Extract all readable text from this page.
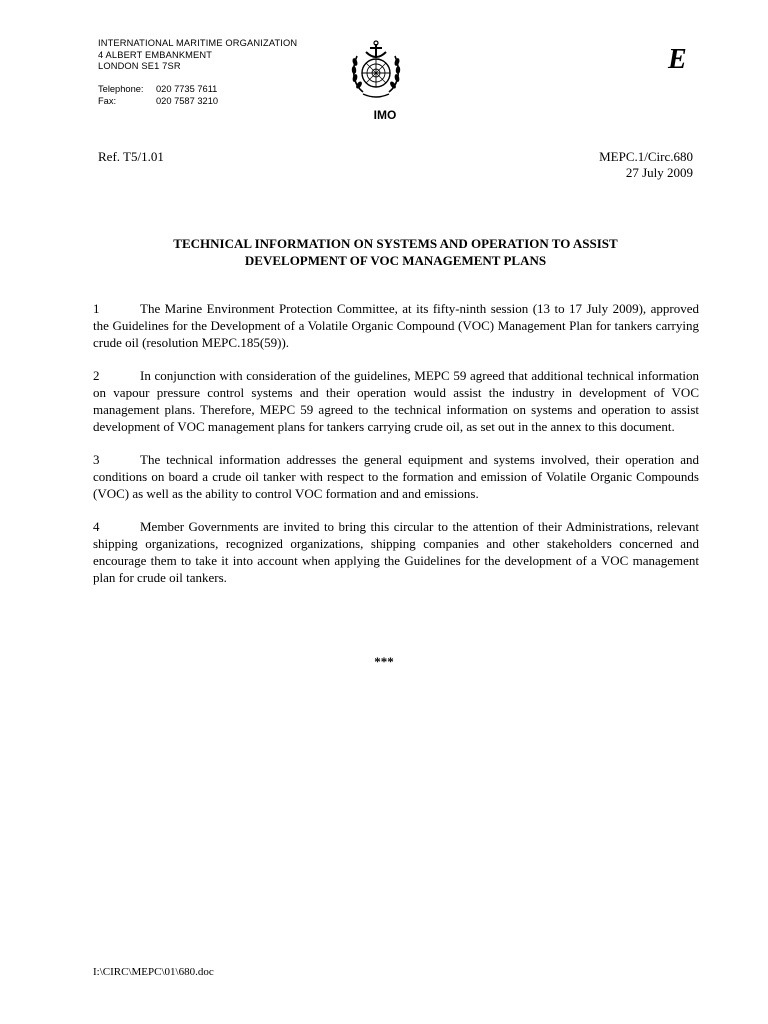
INTERNATIONAL MARITIME ORGANIZATION
4 ALBERT EMBANKMENT
LONDON SE1 7SR
Telephone: 020 7735 7611
Fax:	020 7587 3210
IMO
E
Ref. T5/1.01	MEPC.1/Circ.680
27 July 2009
TECHNICAL INFORMATION ON SYSTEMS AND OPERATION TO ASSIST
DEVELOPMENT OF VOC MANAGEMENT PLANS

1	The Marine Environment Protection Committee, at its fifty-ninth session (13 to 17 July 2009), approved the Guidelines for the Development of a Volatile Organic Compound (VOC) Management Plan for tankers carrying crude oil (resolution MEPC.185(59)).

2	In conjunction with consideration of the guidelines, MEPC 59 agreed that additional technical information on vapour pressure control systems and their operation would assist the industry in development of VOC management plans. Therefore, MEPC 59 agreed to the technical information on systems and operation to assist development of VOC management plans for tankers carrying crude oil, as set out in the annex to this document.

3	The technical information addresses the general equipment and systems involved, their operation and conditions on board a crude oil tanker with respect to the formation and emission of Volatile Organic Compounds (VOC) as well as the ability to control VOC formation and and emissions.

4	Member Governments are invited to bring this circular to the attention of their Administrations, relevant shipping organizations, recognized organizations, shipping companies and other stakeholders concerned and encourage them to take it into account when applying the Guidelines for the development of a VOC management plan for crude oil tankers.

***
I:\CIRC\MEPC\01\680.doc
